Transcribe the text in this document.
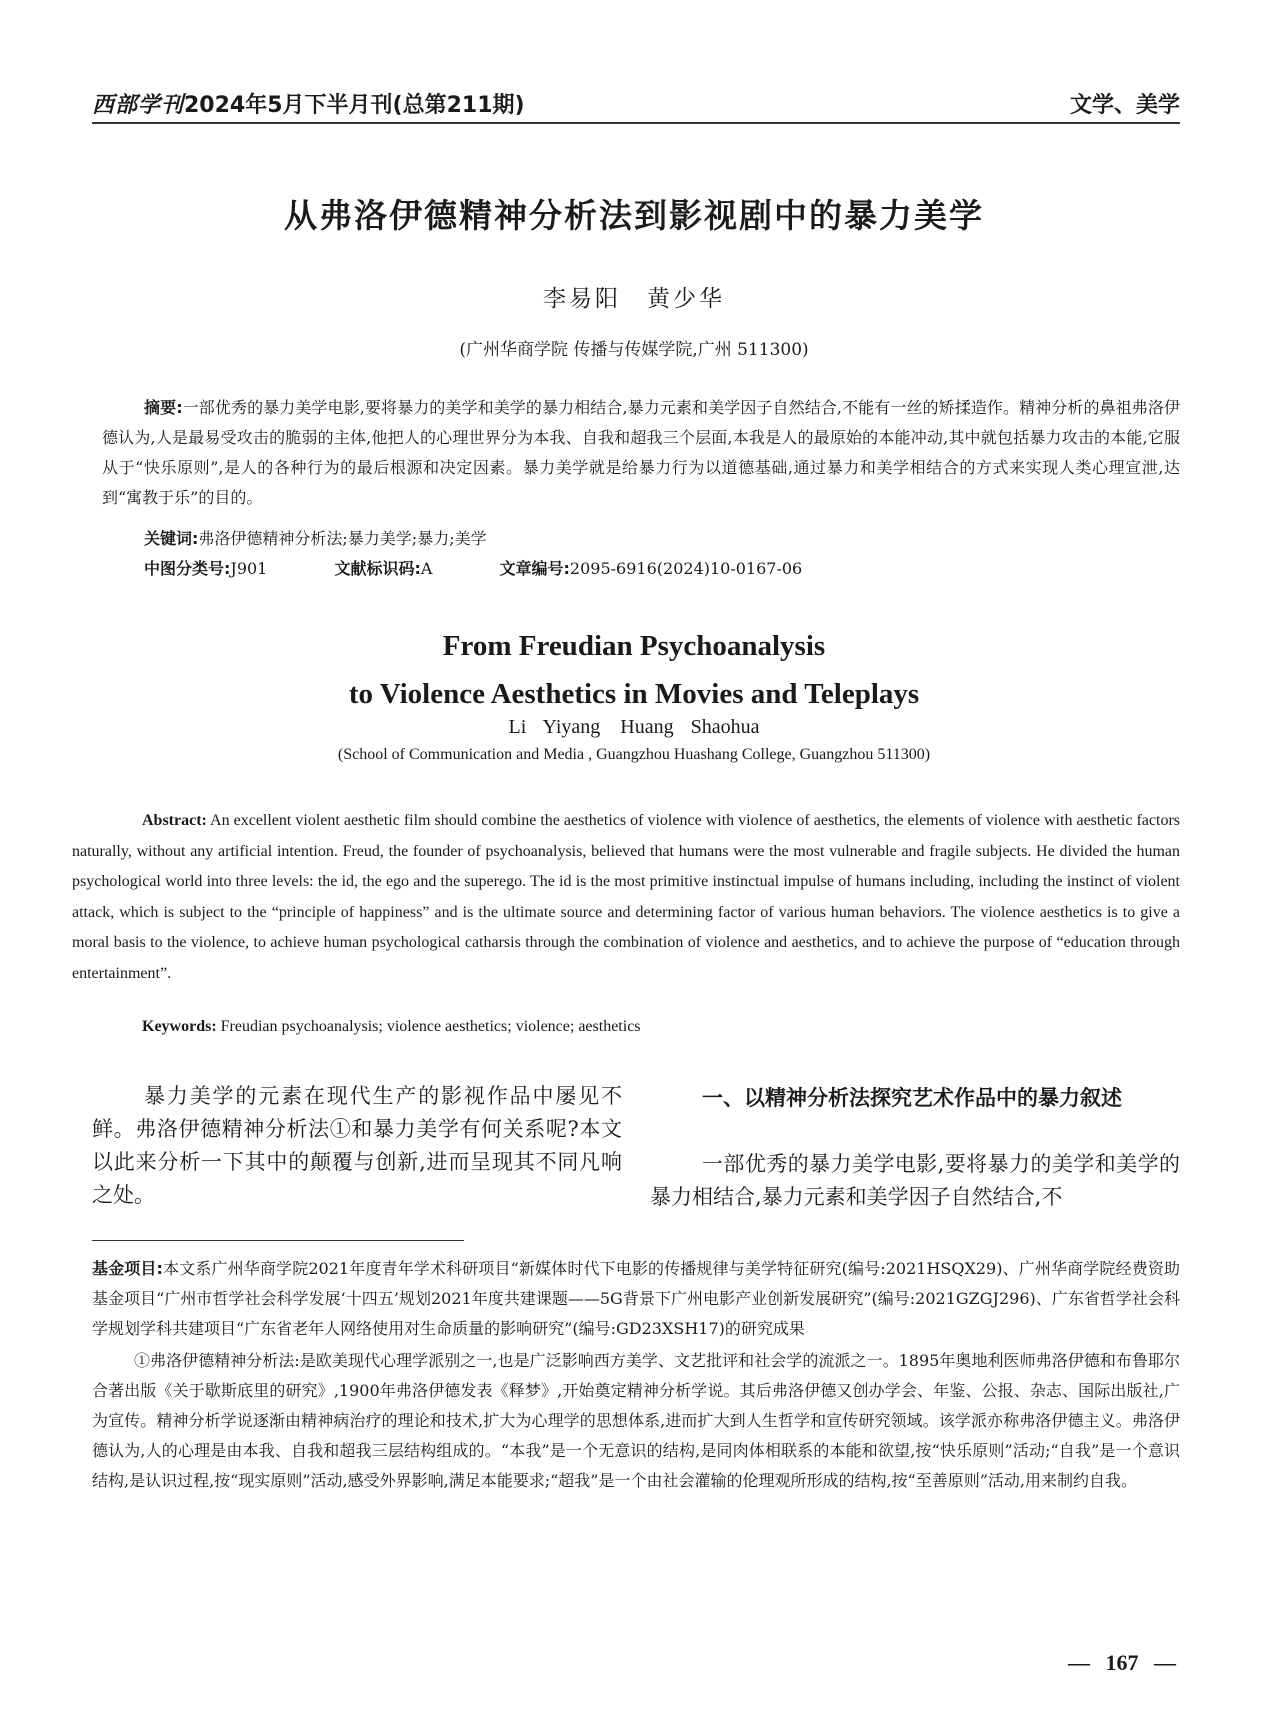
西部学刊 2024年5月下半月刊(总第211期)	文学、美学
从弗洛伊德精神分析法到影视剧中的暴力美学
李易阳　黄少华
(广州华商学院 传播与传媒学院,广州 511300)
摘要:一部优秀的暴力美学电影,要将暴力的美学和美学的暴力相结合,暴力元素和美学因子自然结合,不能有一丝的矫揉造作。精神分析的鼻祖弗洛伊德认为,人是最易受攻击的脆弱的主体,他把人的心理世界分为本我、自我和超我三个层面,本我是人的最原始的本能冲动,其中就包括暴力攻击的本能,它服从于“快乐原则”,是人的各种行为的最后根源和决定因素。暴力美学就是给暴力行为以道德基础,通过暴力和美学相结合的方式来实现人类心理宣泄,达到“寓教于乐”的目的。
关键词:弗洛伊德精神分析法;暴力美学;暴力;美学
中图分类号:J901	文献标识码:A	文章编号:2095-6916(2024)10-0167-06
From Freudian Psychoanalysis
to Violence Aesthetics in Movies and Teleplays
Li Yiyang　Huang Shaohua
(School of Communication and Media , Guangzhou Huashang College, Guangzhou 511300)
Abstract: An excellent violent aesthetic film should combine the aesthetics of violence with violence of aesthetics, the elements of violence with aesthetic factors naturally, without any artificial intention. Freud, the founder of psychoanalysis, believed that humans were the most vulnerable and fragile subjects. He divided the human psychological world into three levels: the id, the ego and the superego. The id is the most primitive instinctual impulse of humans including, including the instinct of violent attack, which is subject to the “principle of happiness” and is the ultimate source and determining factor of various human behaviors. The violence aesthetics is to give a moral basis to the violence, to achieve human psychological catharsis through the combination of violence and aesthetics, and to achieve the purpose of “education through entertainment”.
Keywords: Freudian psychoanalysis; violence aesthetics; violence; aesthetics
暴力美学的元素在现代生产的影视作品中屡见不鲜。弗洛伊德精神分析法①和暴力美学有何关系呢?本文以此来分析一下其中的颠覆与创新,进而呈现其不同凡响之处。
一、以精神分析法探究艺术作品中的暴力叙述
一部优秀的暴力美学电影,要将暴力的美学和美学的暴力相结合,暴力元素和美学因子自然结合,不
基金项目:本文系广州华商学院2021年度青年学术科研项目“新媒体时代下电影的传播规律与美学特征研究(编号:2021HSQX29)、广州华商学院经费资助基金项目“广州市哲学社会科学发展‘十四五’规划2021年度共建课题——5G背景下广州电影产业创新发展研究”(编号:2021GZGJ296)、广东省哲学社会科学规划学科共建项目“广东省老年人网络使用对生命质量的影响研究”(编号:GD23XSH17)的研究成果
①弗洛伊德精神分析法:是欧美现代心理学派别之一,也是广泛影响西方美学、文艺批评和社会学的流派之一。1895年奥地利医师弗洛伊德和布鲁耶尔合著出版《关于歇斯底里的研究》,1900年弗洛伊德发表《释梦》,开始奠定精神分析学说。其后弗洛伊德又创办学会、年鉴、公报、杂志、国际出版社,广为宣传。精神分析学说逐渐由精神病治疗的理论和技术,扩大为心理学的思想体系,进而扩大到人生哲学和宣传研究领域。该学派亦称弗洛伊德主义。弗洛伊德认为,人的心理是由本我、自我和超我三层结构组成的。“本我”是一个无意识的结构,是同肉体相联系的本能和欲望,按“快乐原则”活动;“自我”是一个意识结构,是认识过程,按“现实原则”活动,感受外界影响,满足本能要求;“超我”是一个由社会灌输的伦理观所形成的结构,按“至善原则”活动,用来制约自我。
— 167 —
